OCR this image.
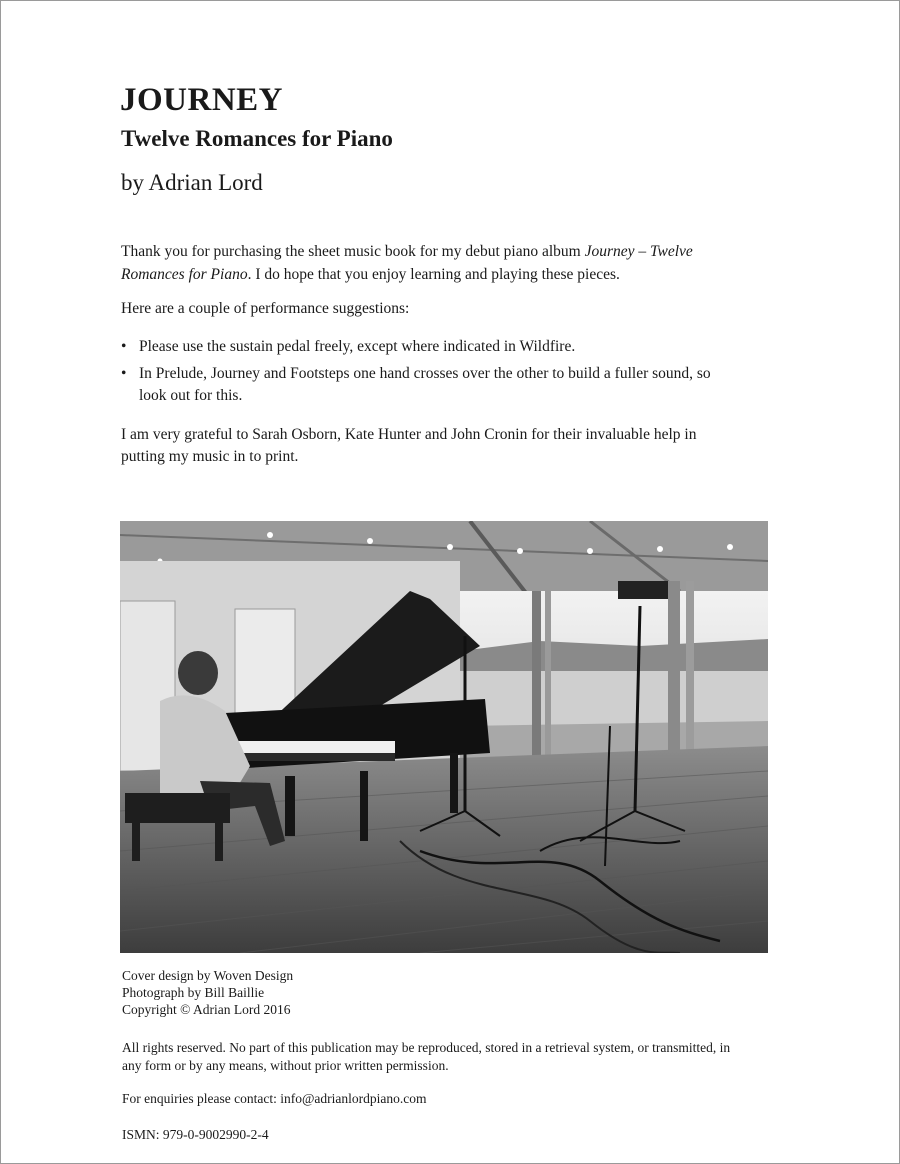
JOURNEY
Twelve Romances for Piano

by Adrian Lord

Thank you for purchasing the sheet music book for my debut piano album Journey – Twelve Romances for Piano. I do hope that you enjoy learning and playing these pieces.

Here are a couple of performance suggestions:

• Please use the sustain pedal freely, except where indicated in Wildfire.
• In Prelude, Journey and Footsteps one hand crosses over the other to build a fuller sound, so look out for this.

I am very grateful to Sarah Osborn, Kate Hunter and John Cronin for their invaluable help in putting my music in to print.

Cover design by Woven Design
Photograph by Bill Baillie
Copyright © Adrian Lord 2016

All rights reserved. No part of this publication may be reproduced, stored in a retrieval system, or transmitted, in any form or by any means, without prior written permission.

For enquiries please contact: info@adrianlordpiano.com

ISMN: 979-0-9002990-2-4
